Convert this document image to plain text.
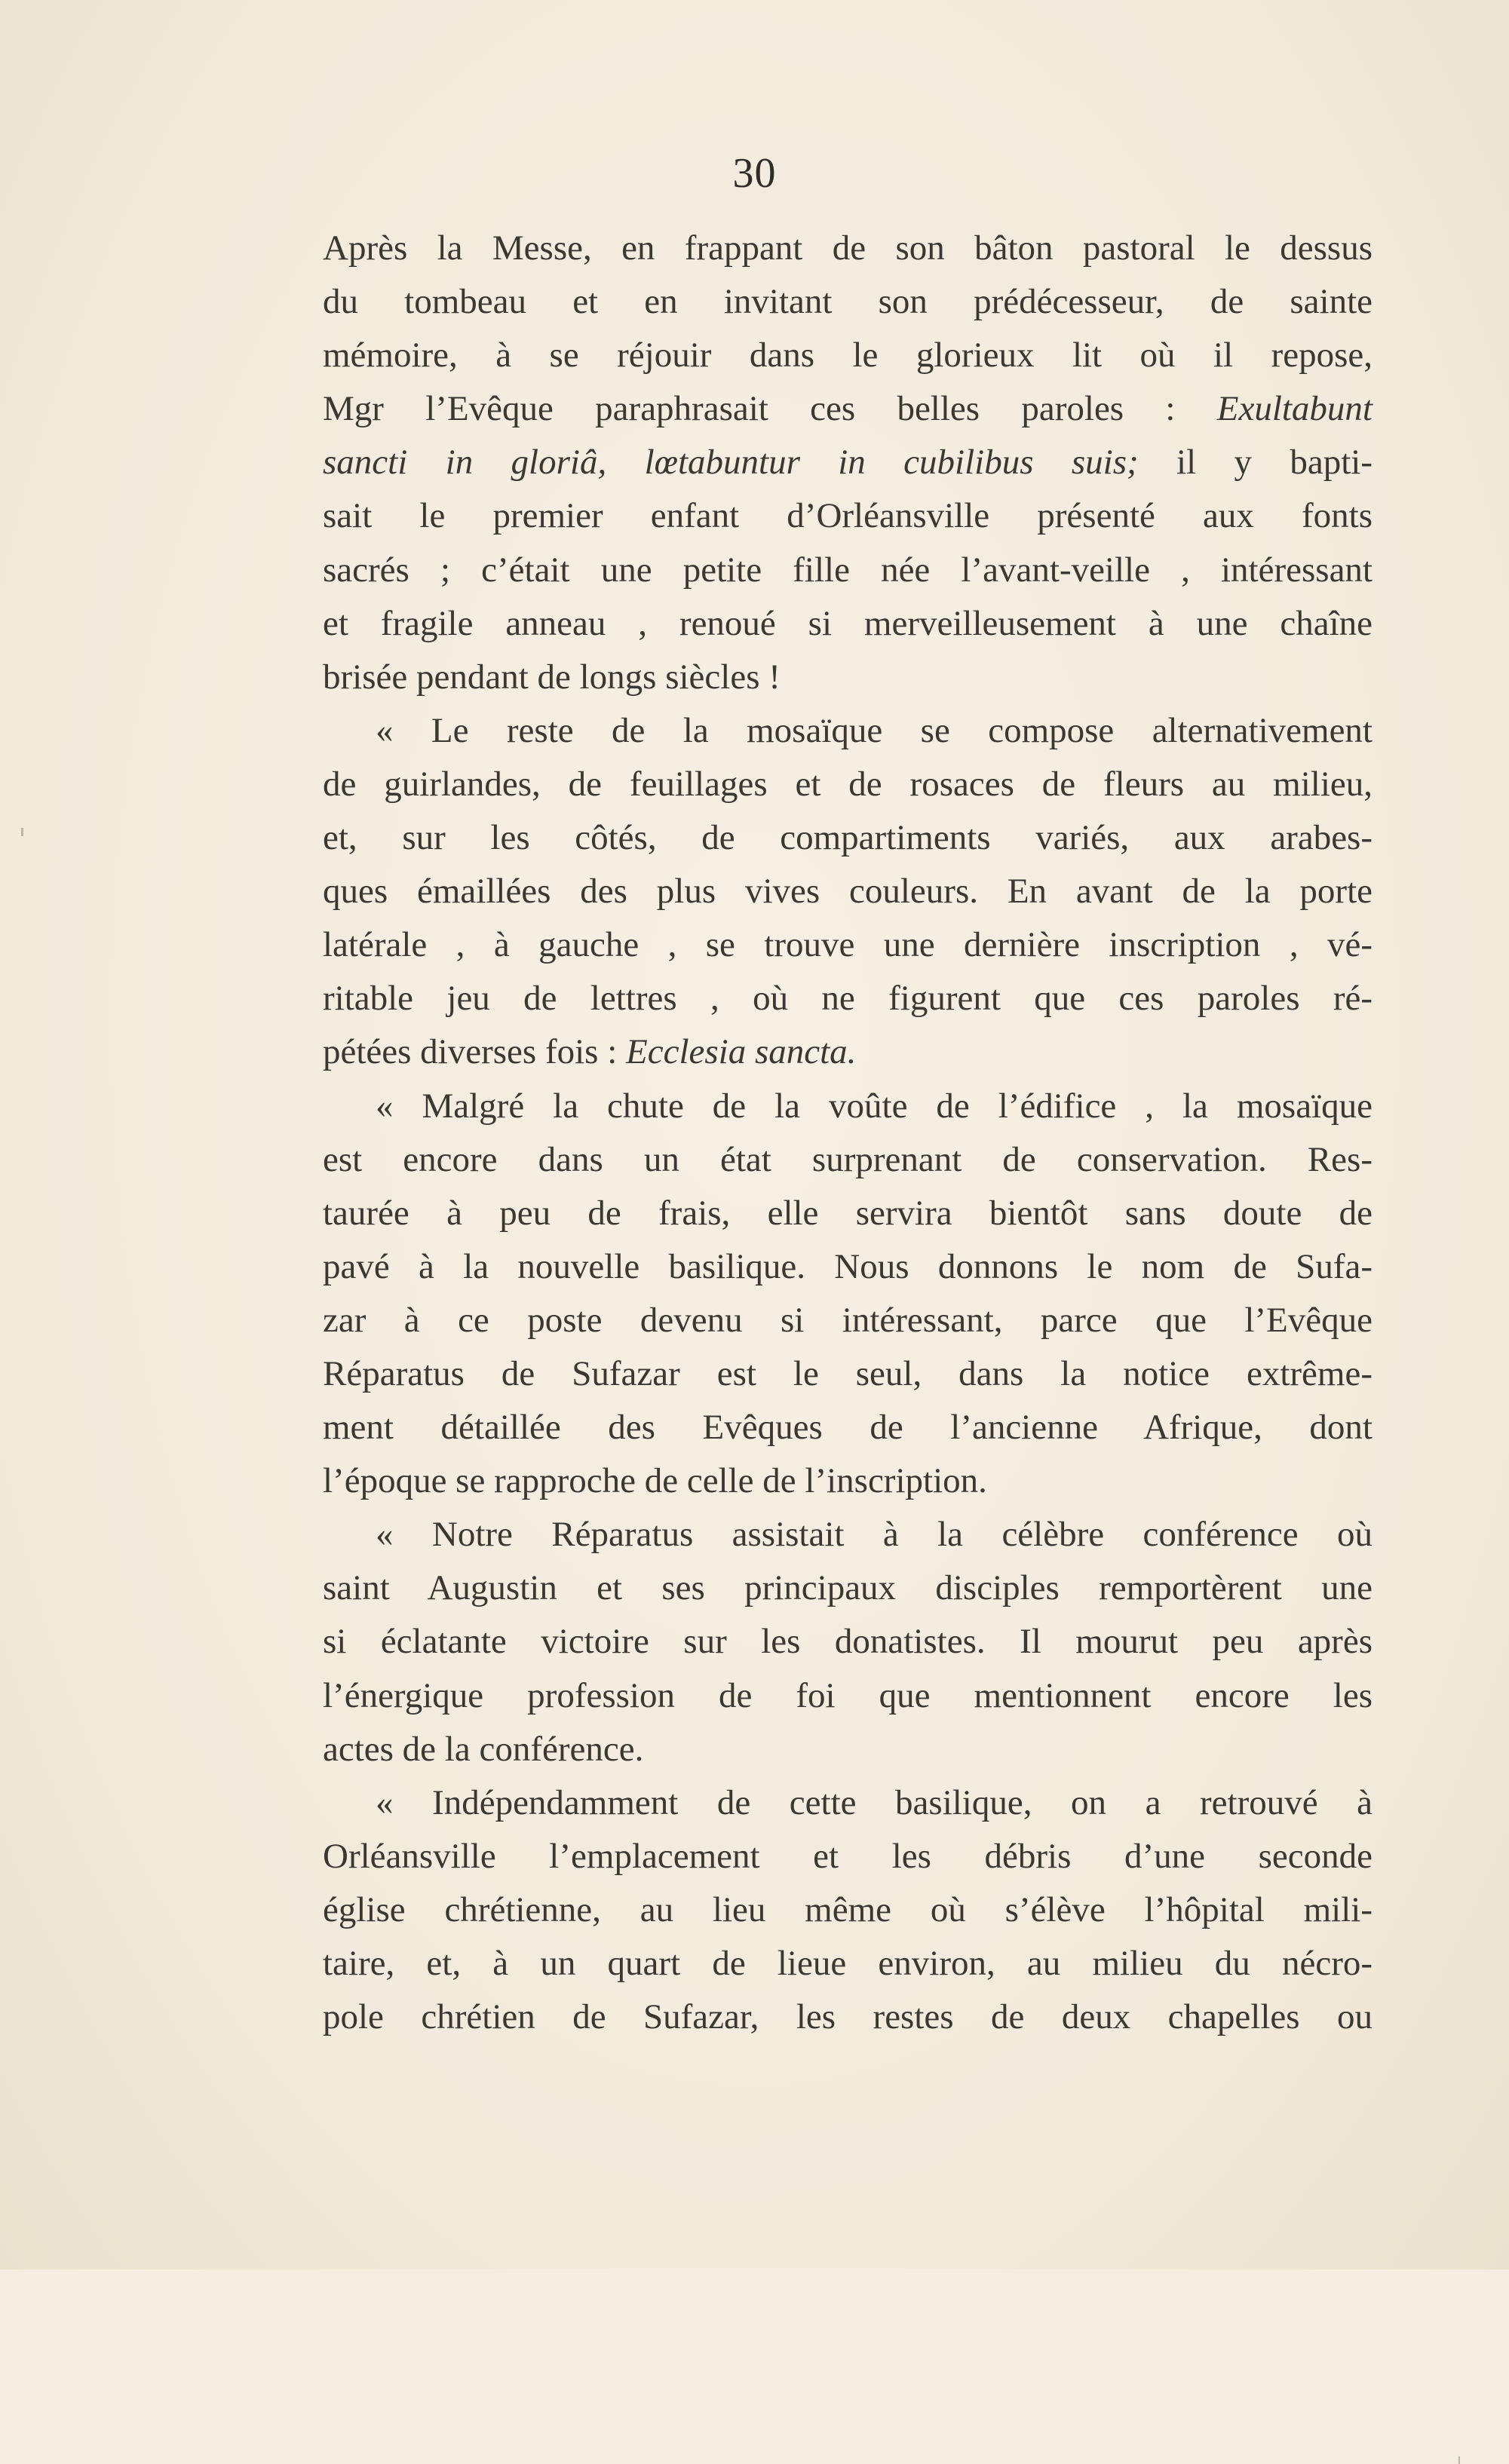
30
Après la Messe, en frappant de son bâton pastoral le dessus
du tombeau et en invitant son prédécesseur, de sainte
mémoire, à se réjouir dans le glorieux lit où il repose,
Mgr l’Evêque paraphrasait ces belles paroles : Exultabunt
sancti in gloriâ, lœtabuntur in cubilibus suis; il y bapti-
sait le premier enfant d’Orléansville présenté aux fonts
sacrés ; c’était une petite fille née l’avant-veille , intéressant
et fragile anneau , renoué si merveilleusement à une chaîne
brisée pendant de longs siècles !
« Le reste de la mosaïque se compose alternativement
de guirlandes, de feuillages et de rosaces de fleurs au milieu,
et, sur les côtés, de compartiments variés, aux arabes-
ques émaillées des plus vives couleurs. En avant de la porte
latérale , à gauche , se trouve une dernière inscription , vé-
ritable jeu de lettres , où ne figurent que ces paroles ré-
pétées diverses fois : Ecclesia sancta.
« Malgré la chute de la voûte de l’édifice , la mosaïque
est encore dans un état surprenant de conservation. Res-
taurée à peu de frais, elle servira bientôt sans doute de
pavé à la nouvelle basilique. Nous donnons le nom de Sufa-
zar à ce poste devenu si intéressant, parce que l’Evêque
Réparatus de Sufazar est le seul, dans la notice extrême-
ment détaillée des Evêques de l’ancienne Afrique, dont
l’époque se rapproche de celle de l’inscription.
« Notre Réparatus assistait à la célèbre conférence où
saint Augustin et ses principaux disciples remportèrent une
si éclatante victoire sur les donatistes. Il mourut peu après
l’énergique profession de foi que mentionnent encore les
actes de la conférence.
« Indépendamment de cette basilique, on a retrouvé à
Orléansville l’emplacement et les débris d’une seconde
église chrétienne, au lieu même où s’élève l’hôpital mili-
taire, et, à un quart de lieue environ, au milieu du nécro-
pole chrétien de Sufazar, les restes de deux chapelles ou
